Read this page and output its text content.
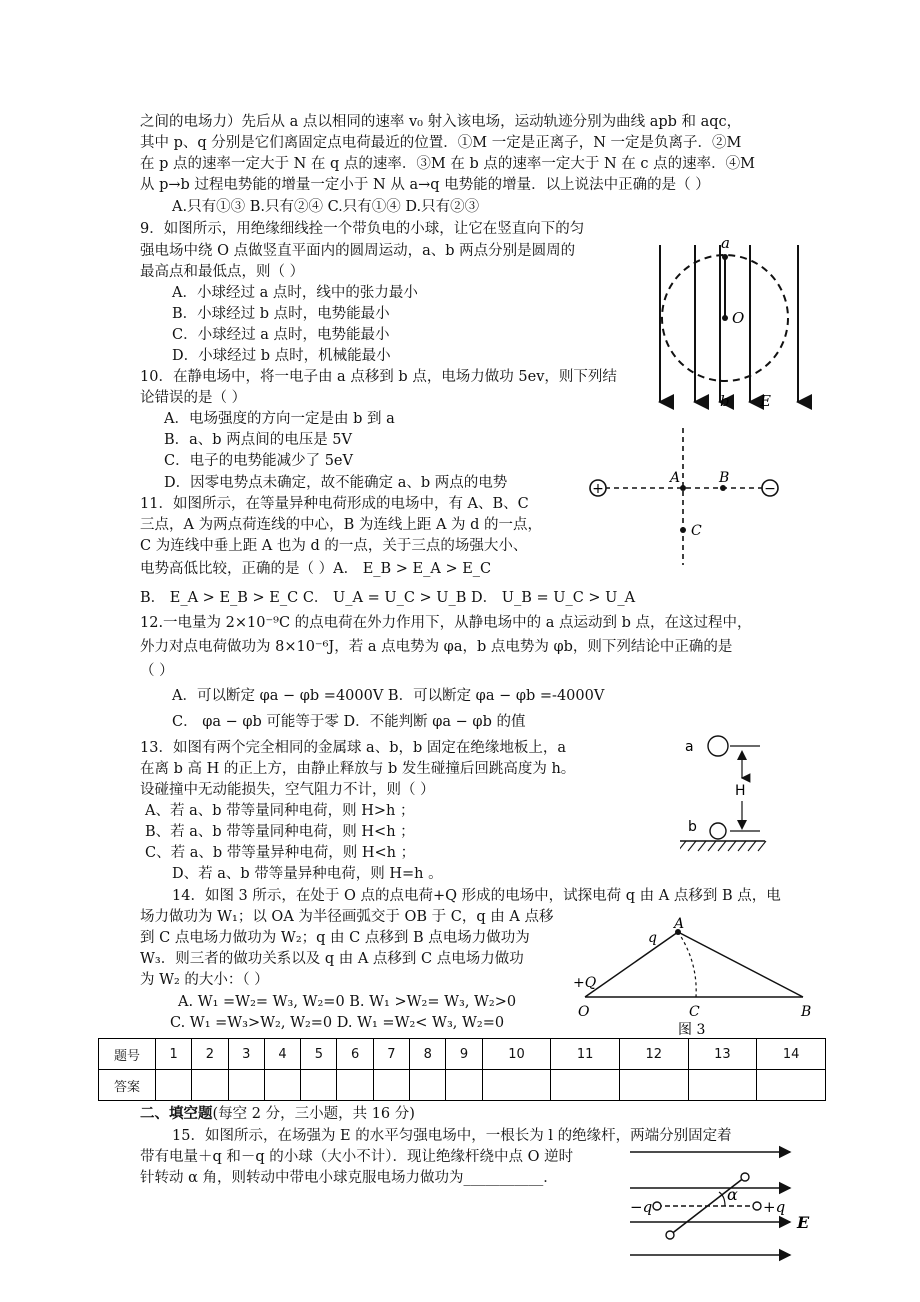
之间的电场力）先后从 a 点以相同的速率 v₀ 射入该电场，运动轨迹分别为曲线 apb 和 aqc，
其中 p、q 分别是它们离固定点电荷最近的位置．①M 一定是正离子，N 一定是负离子．②M
在 p 点的速率一定大于 N 在 q 点的速率．③M 在 b 点的速率一定大于 N 在 c 点的速率．④M
从 p→b 过程电势能的增量一定小于 N 从 a→q 电势能的增量．以上说法中正确的是（ ）
A.只有①③ B.只有②④ C.只有①④ D.只有②③
9．如图所示，用绝缘细线拴一个带负电的小球，让它在竖直向下的匀
强电场中绕 O 点做竖直平面内的圆周运动，a、b 两点分别是圆周的
最高点和最低点，则（ ）
A．小球经过 a 点时，线中的张力最小
B．小球经过 b 点时，电势能最小
C．小球经过 a 点时，电势能最小
D．小球经过 b 点时，机械能最小
a
O
b E
10．在静电场中，将一电子由 a 点移到 b 点，电场力做功 5ev，则下列结
论错误的是（ ）
A．电场强度的方向一定是由 b 到 a
B．a、b 两点间的电压是 5V
C．电子的电势能减少了 5eV
D．因零电势点未确定，故不能确定 a、b 两点的电势	+	−
A	B
C
11．如图所示，在等量异种电荷形成的电场中，有 A、B、C
三点，A 为两点荷连线的中心，B 为连线上距 A 为 d 的一点，
C 为连线中垂上距 A 也为 d 的一点，关于三点的场强大小、
电势高低比较，正确的是（ ）A． E_B > E_A > E_C
B． E_A > E_B > E_C C． U_A = U_C > U_B D． U_B = U_C > U_A
12.一电量为 2×10⁻⁹C 的点电荷在外力作用下，从静电场中的 a 点运动到 b 点，在这过程中，
外力对点电荷做功为 8×10⁻⁶J，若 a 点电势为 φa，b 点电势为 φb，则下列结论中正确的是
（ ）
A．可以断定 φa − φb =4000V B．可以断定 φa − φb =-4000V
C． φa − φb 可能等于零 D．不能判断 φa − φb 的值
13．如图有两个完全相同的金属球 a、b，b 固定在绝缘地板上，a
在离 b 高 H 的正上方，由静止释放与 b 发生碰撞后回跳高度为 h。
设碰撞中无动能损失，空气阻力不计，则（ ）
A、若 a、b 带等量同种电荷，则 H>h ；
B、若 a、b 带等量同种电荷，则 H<h ；
C、若 a、b 带等量异种电荷，则 H<h ；
D、若 a、b 带等量异种电荷，则 H=h 。
a
H
b
14．如图 3 所示，在处于 O 点的点电荷+Q 形成的电场中，试探电荷 q 由 A 点移到 B 点，电
场力做功为 W₁；以 OA 为半径画弧交于 OB 于 C，q 由 A 点移
到 C 点电场力做功为 W₂；q 由 C 点移到 B 点电场力做功为
W₃．则三者的做功关系以及 q 由 A 点移到 C 点电场力做功
为 W₂ 的大小：（ ）
A. W₁ =W₂= W₃, W₂=0 B. W₁ >W₂= W₃, W₂>0
C. W₁ =W₃>W₂, W₂=0 D. W₁ =W₂< W₃, W₂=0
A
q
+Q
O	C	B
图 3
题号	1	2	3	4	5	6	7	8	9	10	11	12	13	14
答案														
二、填空题(每空 2 分，三小题，共 16 分)
15．如图所示，在场强为 E 的水平匀强电场中，一根长为 l 的绝缘杆，两端分别固定着
带有电量＋q 和－q 的小球（大小不计）．现让绝缘杆绕中点 O 逆时
针转动 α 角，则转动中带电小球克服电场力做功为___________．
−q	+q
α
E
